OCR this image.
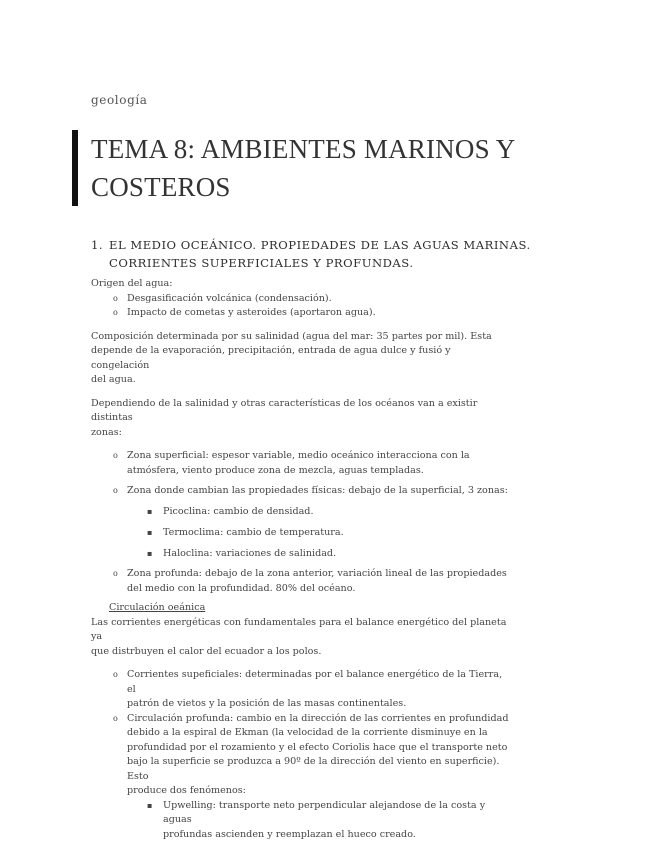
geología
TEMA 8: AMBIENTES MARINOS Y
COSTEROS
1. EL MEDIO OCEÁNICO. PROPIEDADES DE LAS AGUAS MARINAS.
CORRIENTES SUPERFICIALES Y PROFUNDAS.

Origen del agua:

o Desgasificación volcánica (condensación).
o Impacto de cometas y asteroides (aportaron agua).

Composición determinada por su salinidad (agua del mar: 35 partes por mil). Esta
depende de la evaporación, precipitación, entrada de agua dulce y fusió y congelación
del agua.

Dependiendo de la salinidad y otras características de los océanos van a existir distintas
zonas:

o Zona superficial: espesor variable, medio oceánico interacciona con la
atmósfera, viento produce zona de mezcla, aguas templadas.
o Zona donde cambian las propiedades físicas: debajo de la superficial, 3 zonas:
▪ Picoclina: cambio de densidad.
▪ Termoclima: cambio de temperatura.
▪ Haloclina: variaciones de salinidad.
o Zona profunda: debajo de la zona anterior, variación lineal de las propiedades
del medio con la profundidad. 80% del océano.

Circulación oeánica

Las corrientes energéticas con fundamentales para el balance energético del planeta ya
que distrbuyen el calor del ecuador a los polos.

o Corrientes supeficiales: determinadas por el balance energético de la Tierra, el
patrón de vietos y la posición de las masas continentales.
o Circulación profunda: cambio en la dirección de las corrientes en profundidad
debido a la espiral de Ekman (la velocidad de la corriente disminuye en la
profundidad por el rozamiento y el efecto Coriolis hace que el transporte neto
bajo la superficie se produzca a 90º de la dirección del viento en superficie). Esto
produce dos fenómenos:
▪ Upwelling: transporte neto perpendicular alejandose de la costa y aguas
profundas ascienden y reemplazan el hueco creado.
